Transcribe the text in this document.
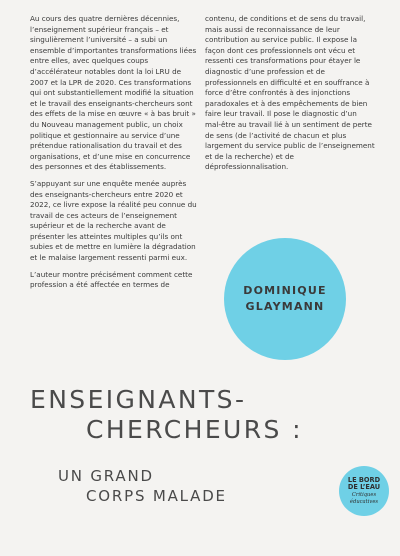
Au cours des quatre dernières décennies, l’enseignement supérieur français – et singulièrement l’université – a subi un ensemble d’importantes transformations liées entre elles, avec quelques coups d’accélérateur notables dont la loi LRU de 2007 et la LPR de 2020. Ces transformations qui ont substantiellement modifié la situation et le travail des enseignants-chercheurs sont des effets de la mise en œuvre « à bas bruit » du Nouveau management public, un choix politique et gestionnaire au service d’une prétendue rationalisation du travail et des organisations, et d’une mise en concurrence des personnes et des établissements.

S’appuyant sur une enquête menée auprès des enseignants-chercheurs entre 2020 et 2022, ce livre expose la réalité peu connue du travail de ces acteurs de l’enseignement supérieur et de la recherche avant de présenter les atteintes multiples qu’ils ont subies et de mettre en lumière la dégradation et le malaise largement ressenti parmi eux.

L’auteur montre précisément comment cette profession a été affectée en termes de

contenu, de conditions et de sens du travail, mais aussi de reconnaissance de leur contribution au service public. Il expose la façon dont ces professionnels ont vécu et ressenti ces transformations pour étayer le diagnostic d’une profession et de professionnels en difficulté et en souffrance à force d’être confrontés à des injonctions paradoxales et à des empêchements de bien faire leur travail. Il pose le diagnostic d’un mal-être au travail lié à un sentiment de perte de sens (de l’activité de chacun et plus largement du service public de l’enseignement et de la recherche) et de déprofessionnalisation.

DOMINIQUE
GLAYMANN
ENSEIGNANTS-
CHERCHEURS :
UN GRAND
CORPS MALADE
LE BORD
DE L’EAU
Critiques
éducatives
